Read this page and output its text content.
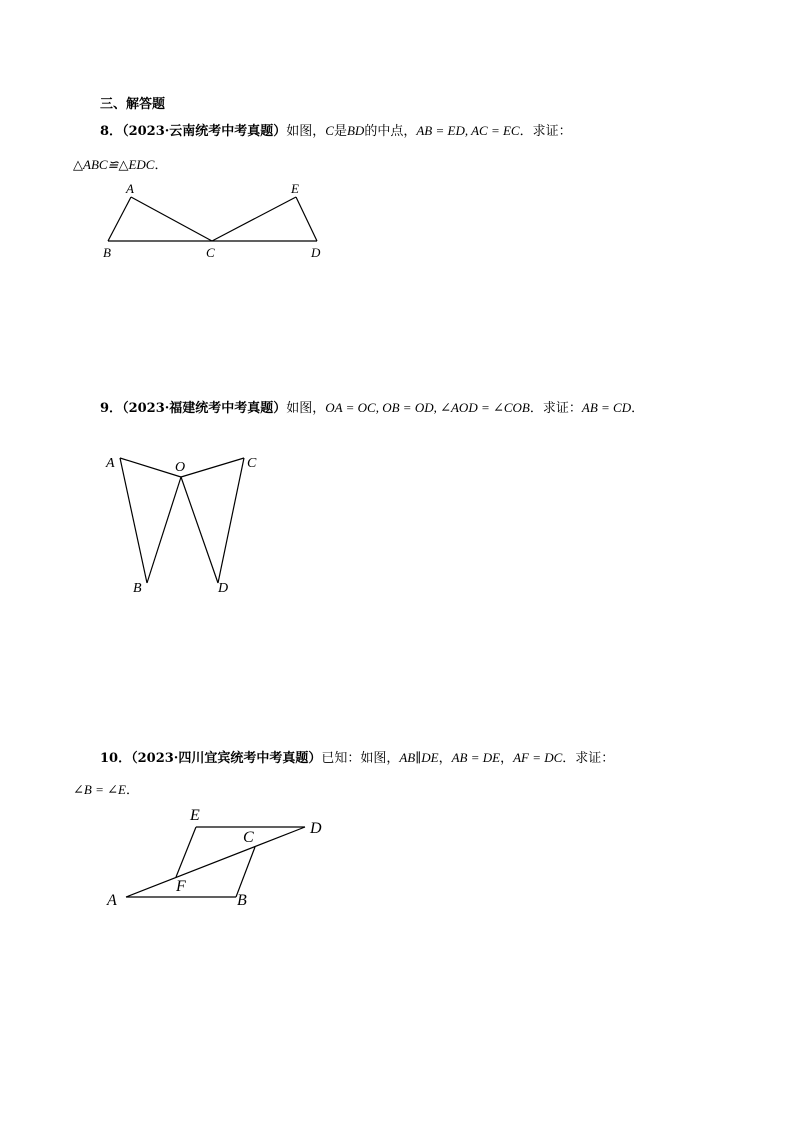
三、解答题
8．（2023·云南统考中考真题）如图，C是BD的中点，AB = ED, AC = EC．求证：
△ABC≌△EDC．
9．（2023·福建统考中考真题）如图，OA = OC, OB = OD, ∠AOD = ∠COB．求证：AB = CD．
10．（2023·四川宜宾统考中考真题）已知：如图，AB∥DE，AB = DE，AF = DC．求证：
∠B = ∠E．
A	E
B	C	D
A	O	C
B	D
E
C
D
F
A	B
